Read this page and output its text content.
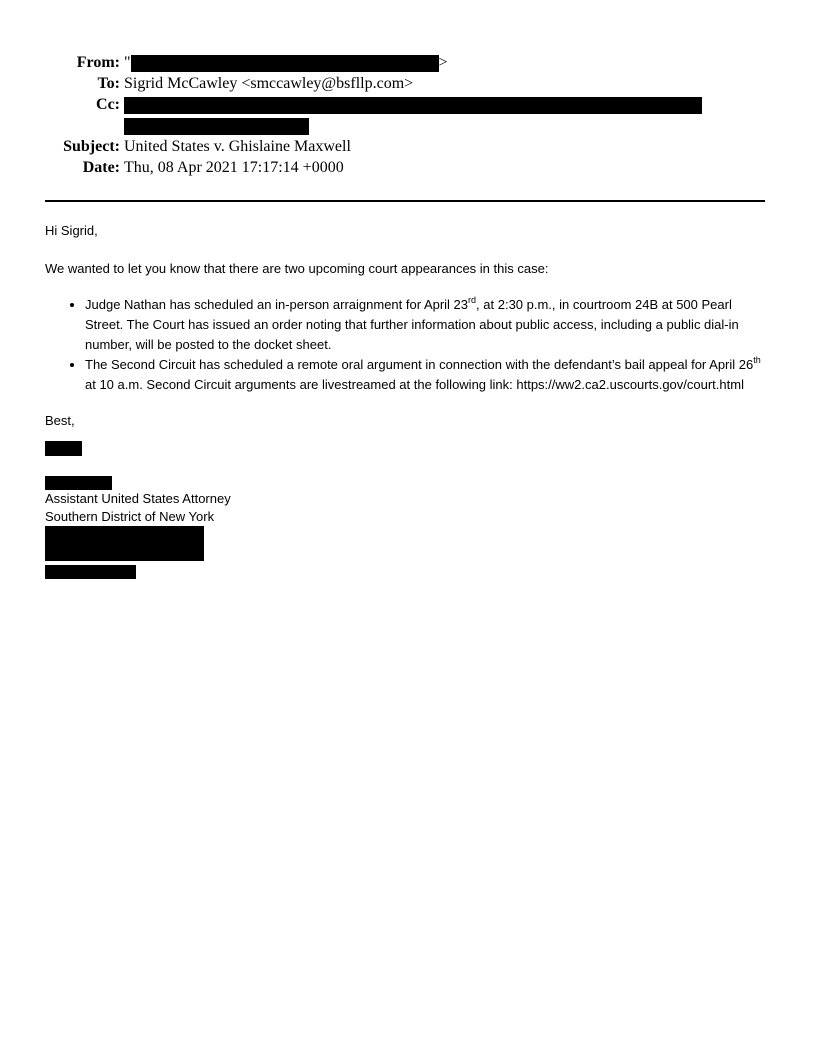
From: "	>
To: Sigrid McCawley <smccawley@bsfllp.com>
Cc:
Subject: United States v. Ghislaine Maxwell
Date: Thu, 08 Apr 2021 17:17:14 +0000

Hi Sigrid,

We wanted to let you know that there are two upcoming court appearances in this case:

• Judge Nathan has scheduled an in-person arraignment for April 23rd, at 2:30 p.m., in courtroom 24B at 500 Pearl Street. The Court has issued an order noting that further information about public access, including a public dial-in number, will be posted to the docket sheet.
• The Second Circuit has scheduled a remote oral argument in connection with the defendant’s bail appeal for April 26th at 10 a.m. Second Circuit arguments are livestreamed at the following link: https://ww2.ca2.uscourts.gov/court.html

Best,

Assistant United States Attorney
Southern District of New York
